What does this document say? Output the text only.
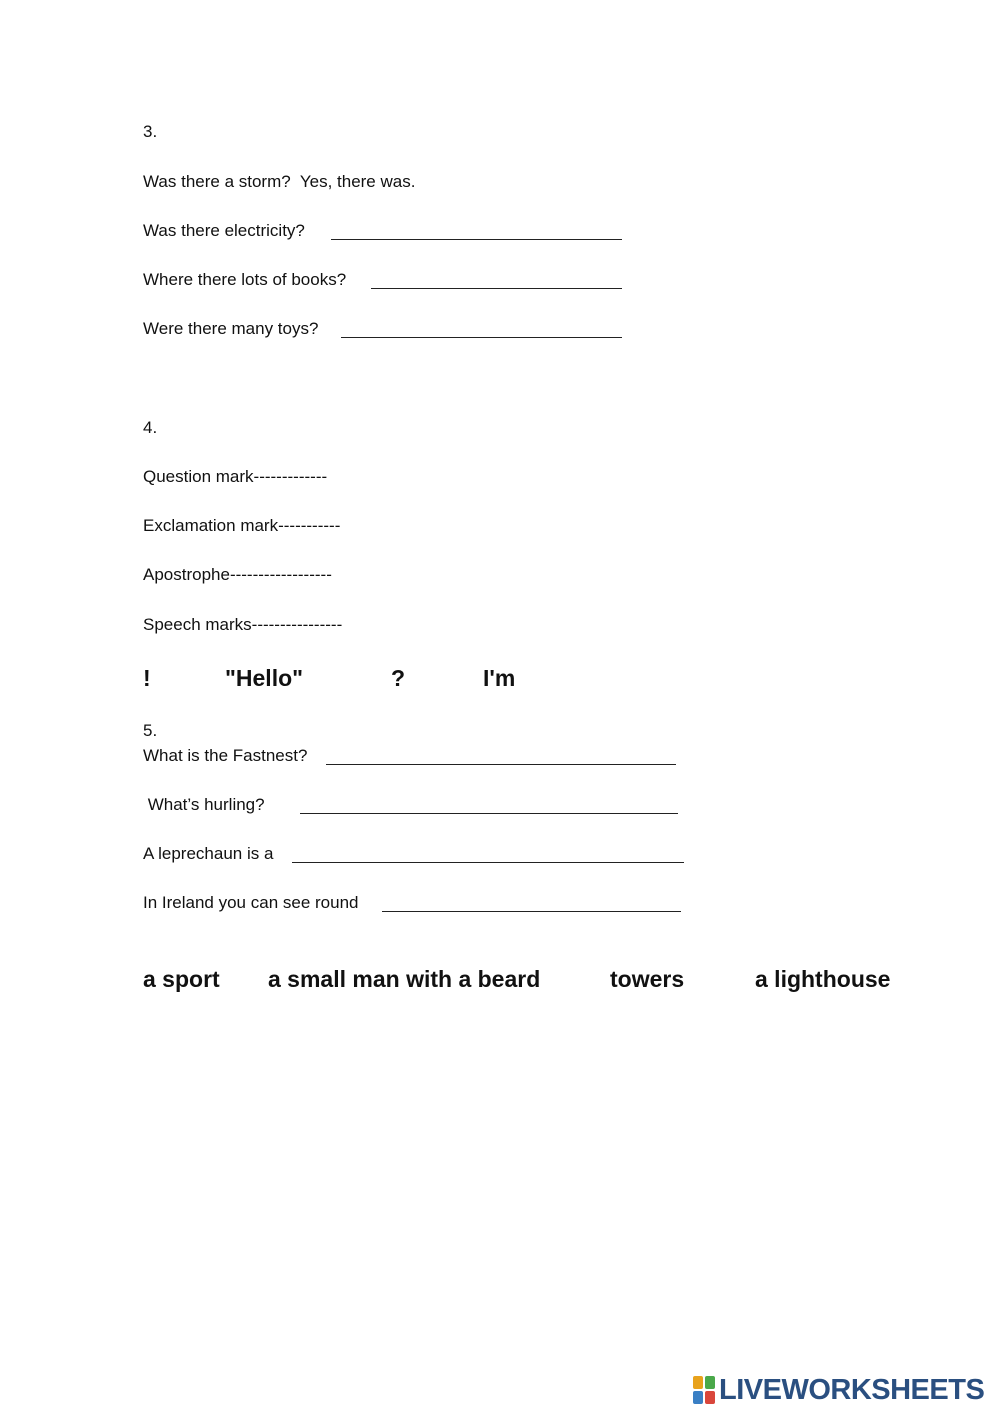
3.
Was there a storm?  Yes, there was.
Was there electricity?
Where there lots of books?
Were there many toys?
4.
Question mark-------------
Exclamation mark-----------
Apostrophe------------------
Speech marks----------------
!	"Hello"	?	I'm
5.
What is the Fastnest?
What’s hurling?
A leprechaun is a
In Ireland you can see round
a sport a small man with a beard	towers	a lighthouse
LIVEWORKSHEETS
